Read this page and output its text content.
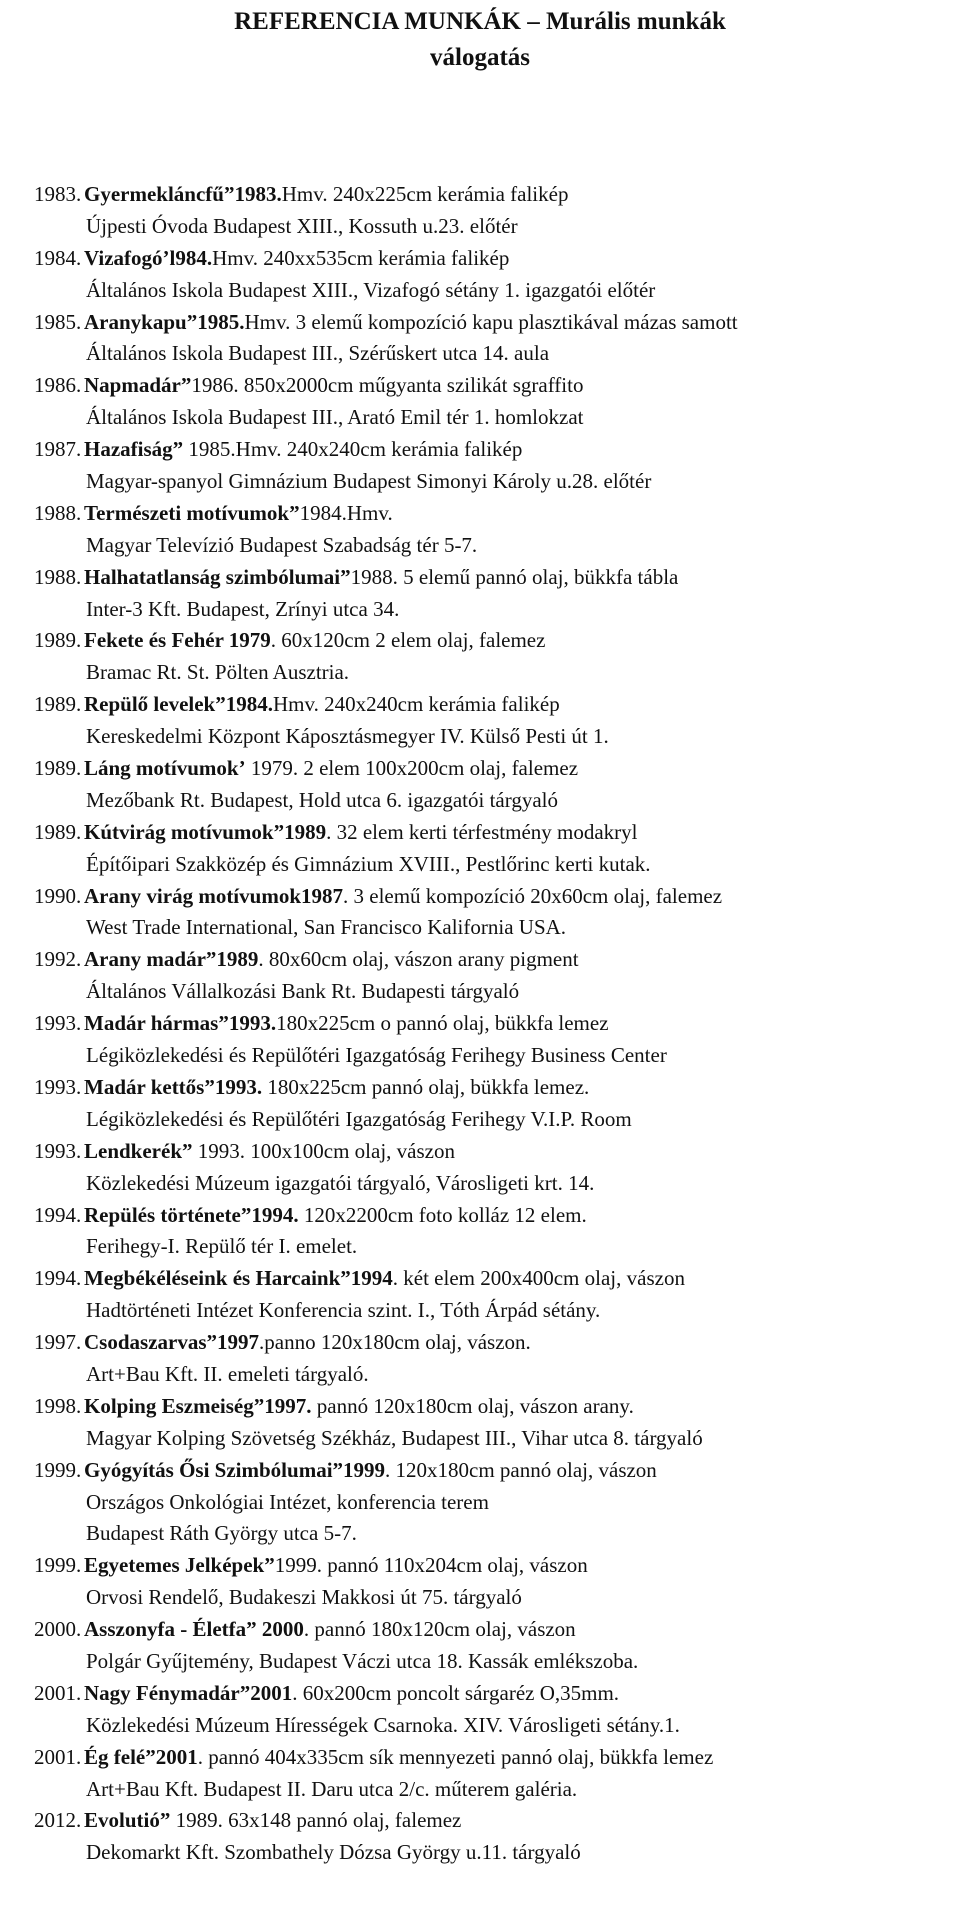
REFERENCIA MUNKÁK – Murális munkák
válogatás
1983. Gyermekláncfű”1983.Hmv. 240x225cm kerámia falikép
Újpesti Óvoda Budapest XIII., Kossuth u.23. előtér
1984. Vizafogó’l984.Hmv. 240xx535cm kerámia falikép
Általános Iskola Budapest XIII., Vizafogó sétány 1. igazgatói előtér
1985. Aranykapu”1985.Hmv. 3 elemű kompozíció kapu plasztikával mázas samott
Általános Iskola Budapest III., Szérűskert utca 14. aula
1986. Napmadár”1986. 850x2000cm műgyanta szilikát sgraffito
Általános Iskola Budapest III., Arató Emil tér 1. homlokzat
1987. Hazafiság” 1985.Hmv. 240x240cm kerámia falikép
Magyar-spanyol Gimnázium Budapest Simonyi Károly u.28. előtér
1988. Természeti motívumok”1984.Hmv.
Magyar Televízió Budapest Szabadság tér 5-7.
1988. Halhatatlanság szimbólumai”1988. 5 elemű pannó olaj, bükkfa tábla
Inter-3 Kft. Budapest, Zrínyi utca 34.
1989. Fekete és Fehér 1979. 60x120cm 2 elem olaj, falemez
Bramac Rt. St. Pölten Ausztria.
1989. Repülő levelek”1984.Hmv. 240x240cm kerámia falikép
Kereskedelmi Központ Káposztásmegyer IV. Külső Pesti út 1.
1989. Láng motívumok’ 1979. 2 elem 100x200cm olaj, falemez
Mezőbank Rt. Budapest, Hold utca 6. igazgatói tárgyaló
1989. Kútvirág motívumok”1989. 32 elem kerti térfestmény modakryl
Építőipari Szakközép és Gimnázium XVIII., Pestlőrinc kerti kutak.
1990. Arany virág motívumok1987. 3 elemű kompozíció 20x60cm olaj, falemez
West Trade International, San Francisco Kalifornia USA.
1992. Arany madár”1989. 80x60cm olaj, vászon arany pigment
Általános Vállalkozási Bank Rt. Budapesti tárgyaló
1993. Madár hármas”1993.180x225cm o pannó olaj, bükkfa lemez
Légiközlekedési és Repülőtéri Igazgatóság Ferihegy Business Center
1993. Madár kettős”1993. 180x225cm pannó olaj, bükkfa lemez.
Légiközlekedési és Repülőtéri Igazgatóság Ferihegy V.I.P. Room
1993. Lendkerék” 1993. 100x100cm olaj, vászon
Közlekedési Múzeum igazgatói tárgyaló, Városligeti krt. 14.
1994. Repülés története”1994. 120x2200cm foto kolláz 12 elem.
Ferihegy-I. Repülő tér I. emelet.
1994. Megbékéléseink és Harcaink”1994. két elem 200x400cm olaj, vászon
Hadtörténeti Intézet Konferencia szint. I., Tóth Árpád sétány.
1997. Csodaszarvas”1997.panno 120x180cm olaj, vászon.
Art+Bau Kft. II. emeleti tárgyaló.
1998. Kolping Eszmeiség”1997. pannó 120x180cm olaj, vászon arany.
Magyar Kolping Szövetség Székház, Budapest III., Vihar utca 8. tárgyaló
1999. Gyógyítás Ősi Szimbólumai”1999. 120x180cm pannó olaj, vászon
Országos Onkológiai Intézet, konferencia terem
Budapest Ráth György utca 5-7.
1999. Egyetemes Jelképek”1999. pannó 110x204cm olaj, vászon
Orvosi Rendelő, Budakeszi Makkosi út 75. tárgyaló
2000. Asszonyfa - Életfa” 2000. pannó 180x120cm olaj, vászon
Polgár Gyűjtemény, Budapest Váczi utca 18. Kassák emlékszoba.
2001. Nagy Fénymadár”2001. 60x200cm poncolt sárgaréz O,35mm.
Közlekedési Múzeum Hírességek Csarnoka. XIV. Városligeti sétány.1.
2001. Ég felé”2001. pannó 404x335cm sík mennyezeti pannó olaj, bükkfa lemez
Art+Bau Kft. Budapest II. Daru utca 2/c. műterem galéria.
2012. Evolutió” 1989. 63x148 pannó olaj, falemez
Dekomarkt Kft. Szombathely Dózsa György u.11. tárgyaló
